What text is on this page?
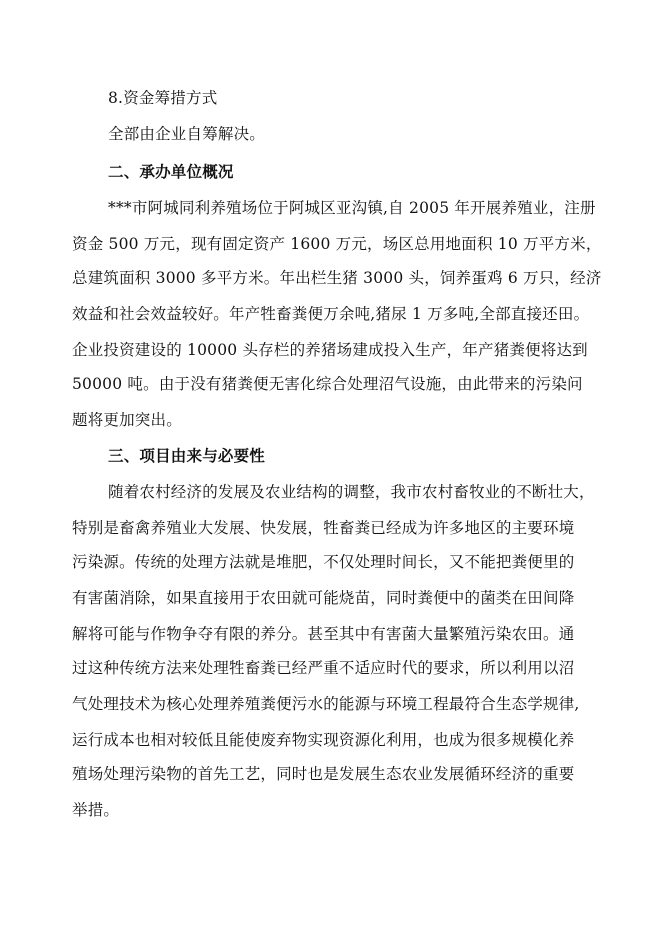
8.资金筹措方式
全部由企业自筹解决。
二、承办单位概况
***市阿城同利养殖场位于阿城区亚沟镇,自 2005 年开展养殖业，注册
资金 500 万元，现有固定资产 1600 万元，场区总用地面积 10 万平方米，
总建筑面积 3000 多平方米。年出栏生猪 3000 头，饲养蛋鸡 6 万只，经济
效益和社会效益较好。年产牲畜粪便万余吨,猪尿 1 万多吨,全部直接还田。
企业投资建设的 10000 头存栏的养猪场建成投入生产，年产猪粪便将达到
50000 吨。由于没有猪粪便无害化综合处理沼气设施，由此带来的污染问
题将更加突出。
三、项目由来与必要性
随着农村经济的发展及农业结构的调整，我市农村畜牧业的不断壮大，
特别是畜禽养殖业大发展、快发展，牲畜粪已经成为许多地区的主要环境
污染源。传统的处理方法就是堆肥，不仅处理时间长，又不能把粪便里的
有害菌消除，如果直接用于农田就可能烧苗，同时粪便中的菌类在田间降
解将可能与作物争夺有限的养分。甚至其中有害菌大量繁殖污染农田。通
过这种传统方法来处理牲畜粪已经严重不适应时代的要求，所以利用以沼
气处理技术为核心处理养殖粪便污水的能源与环境工程最符合生态学规律,
运行成本也相对较低且能使废弃物实现资源化利用，也成为很多规模化养
殖场处理污染物的首先工艺，同时也是发展生态农业发展循环经济的重要
举措。
